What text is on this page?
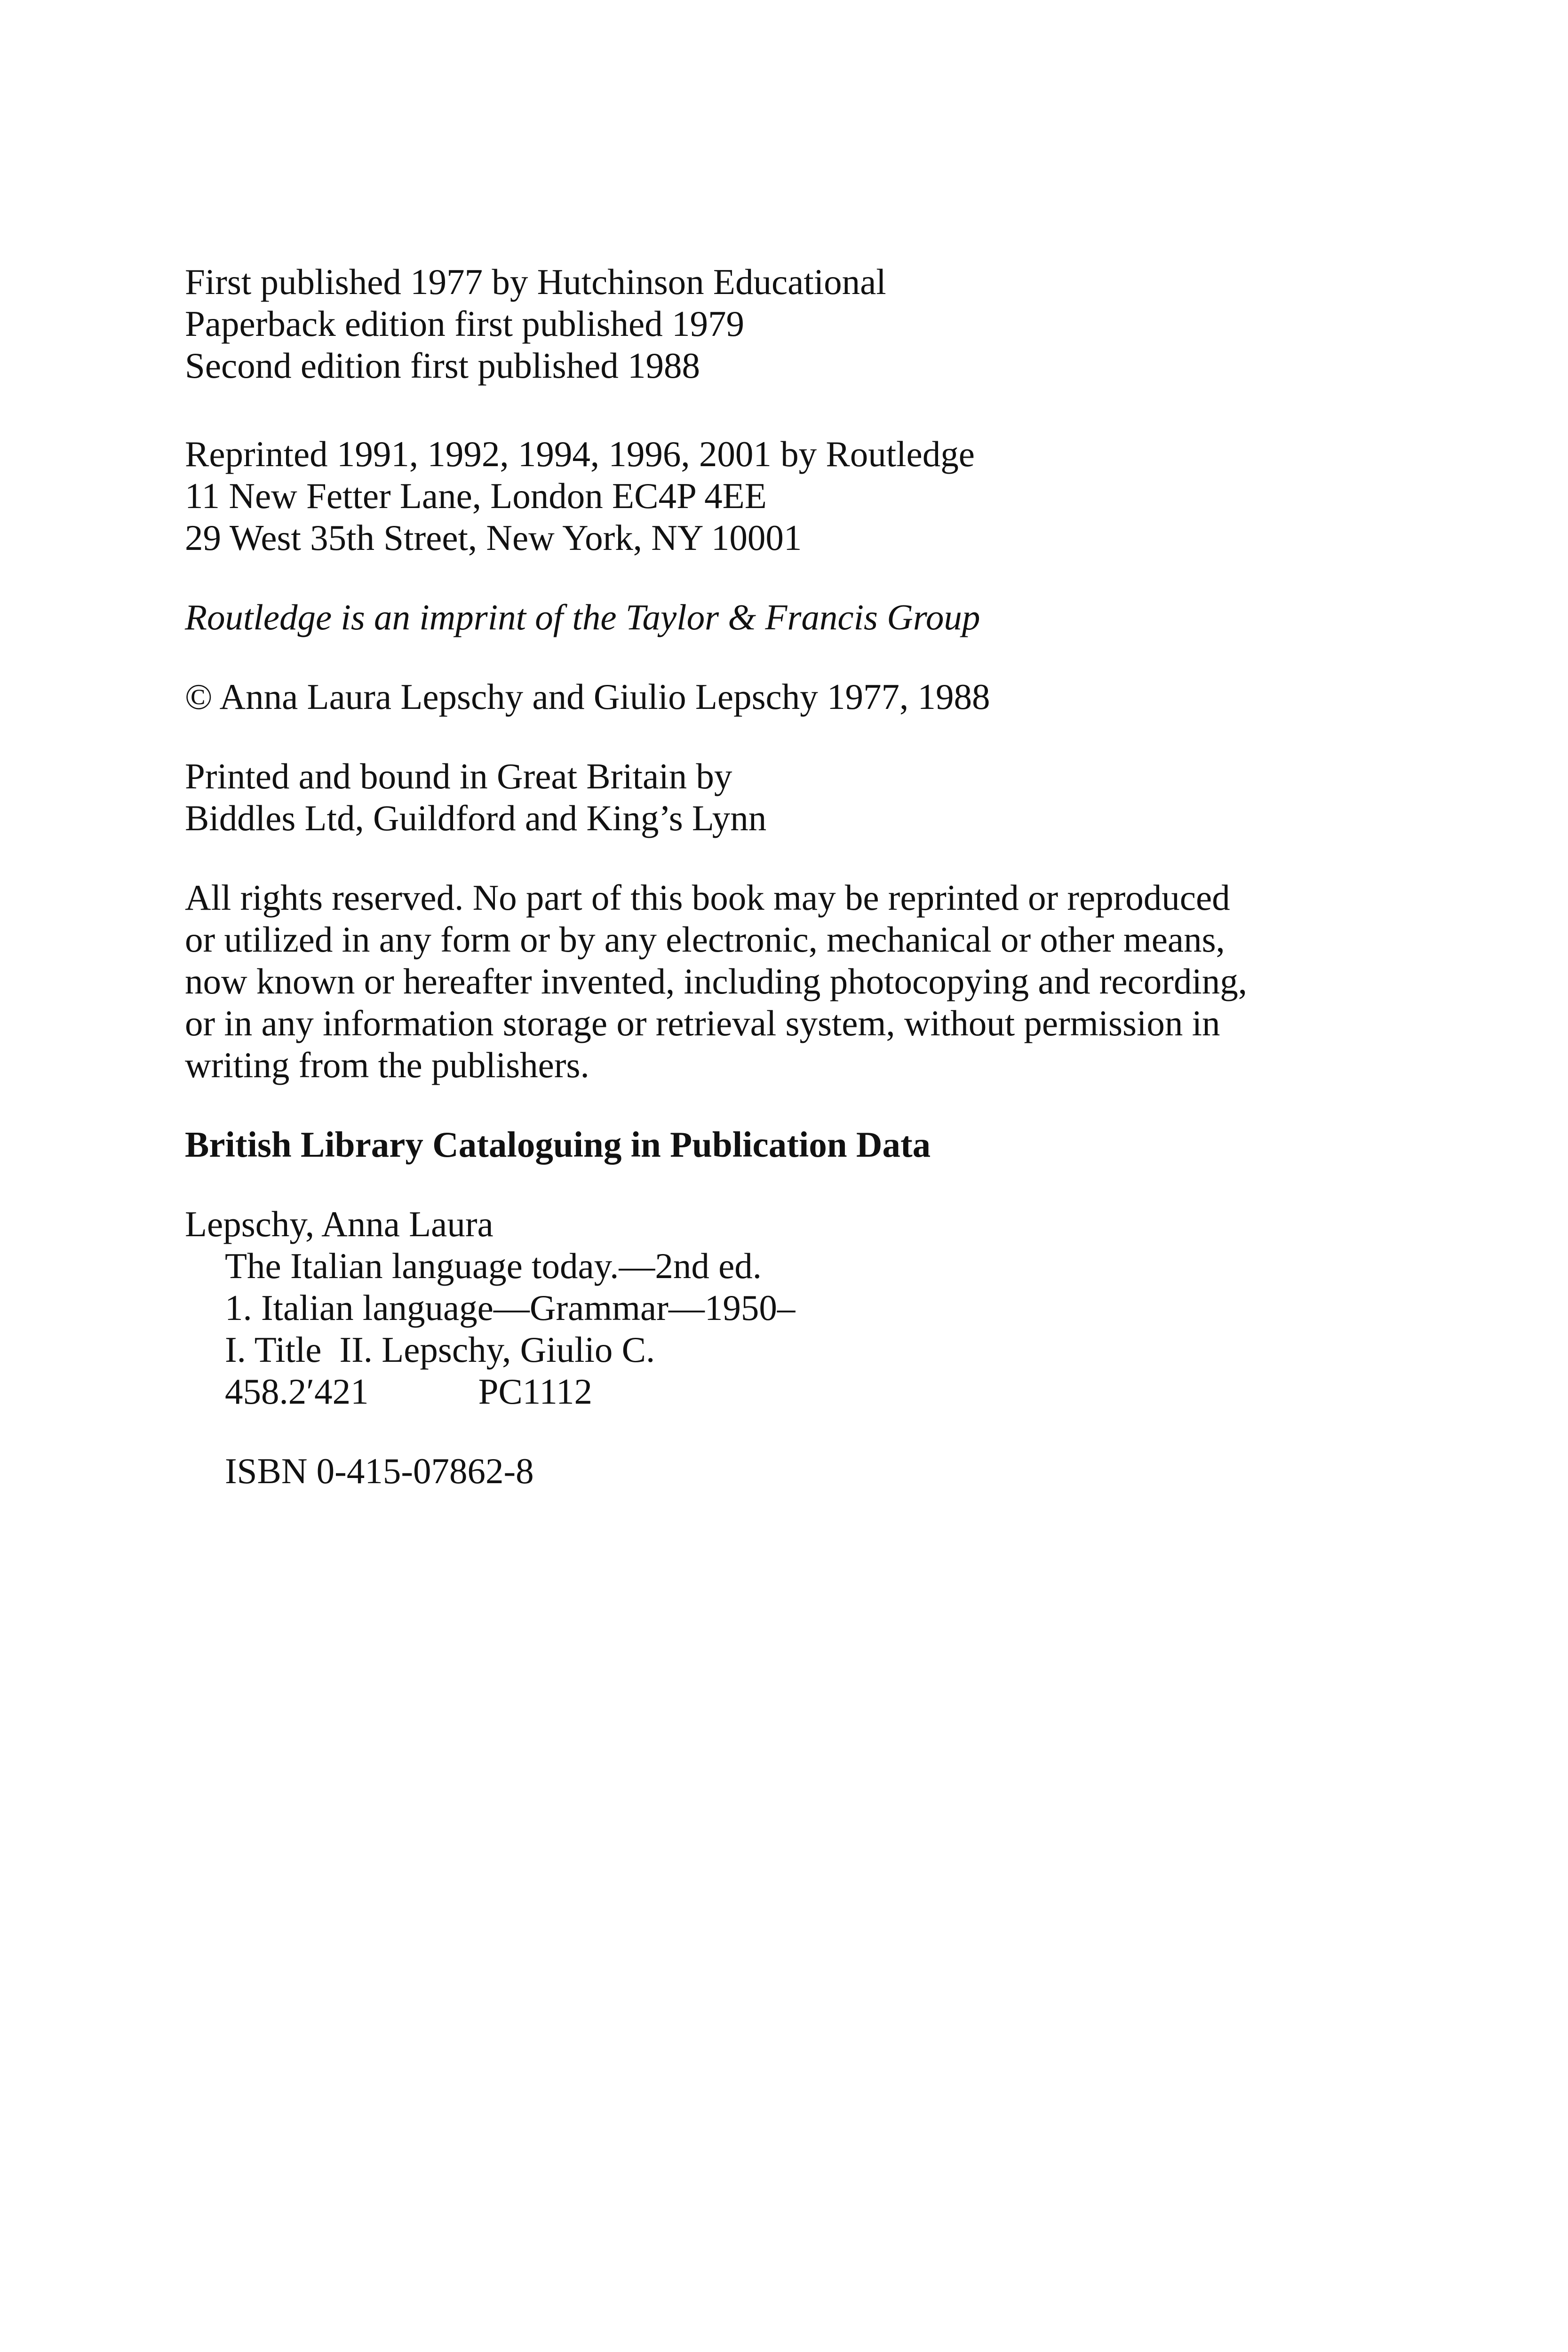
First published 1977 by Hutchinson Educational
Paperback edition first published 1979
Second edition first published 1988
Reprinted 1991, 1992, 1994, 1996, 2001 by Routledge
11 New Fetter Lane, London EC4P 4EE
29 West 35th Street, New York, NY 10001
Routledge is an imprint of the Taylor & Francis Group
© Anna Laura Lepschy and Giulio Lepschy 1977, 1988
Printed and bound in Great Britain by
Biddles Ltd, Guildford and King’s Lynn
All rights reserved. No part of this book may be reprinted or reproduced
or utilized in any form or by any electronic, mechanical or other means,
now known or hereafter invented, including photocopying and recording,
or in any information storage or retrieval system, without permission in
writing from the publishers.
British Library Cataloguing in Publication Data
Lepschy, Anna Laura
The Italian language today.—2nd ed.
1. Italian language—Grammar—1950–
I. Title II. Lepschy, Giulio C.
458.2′421	PC1112
ISBN 0-415-07862-8
